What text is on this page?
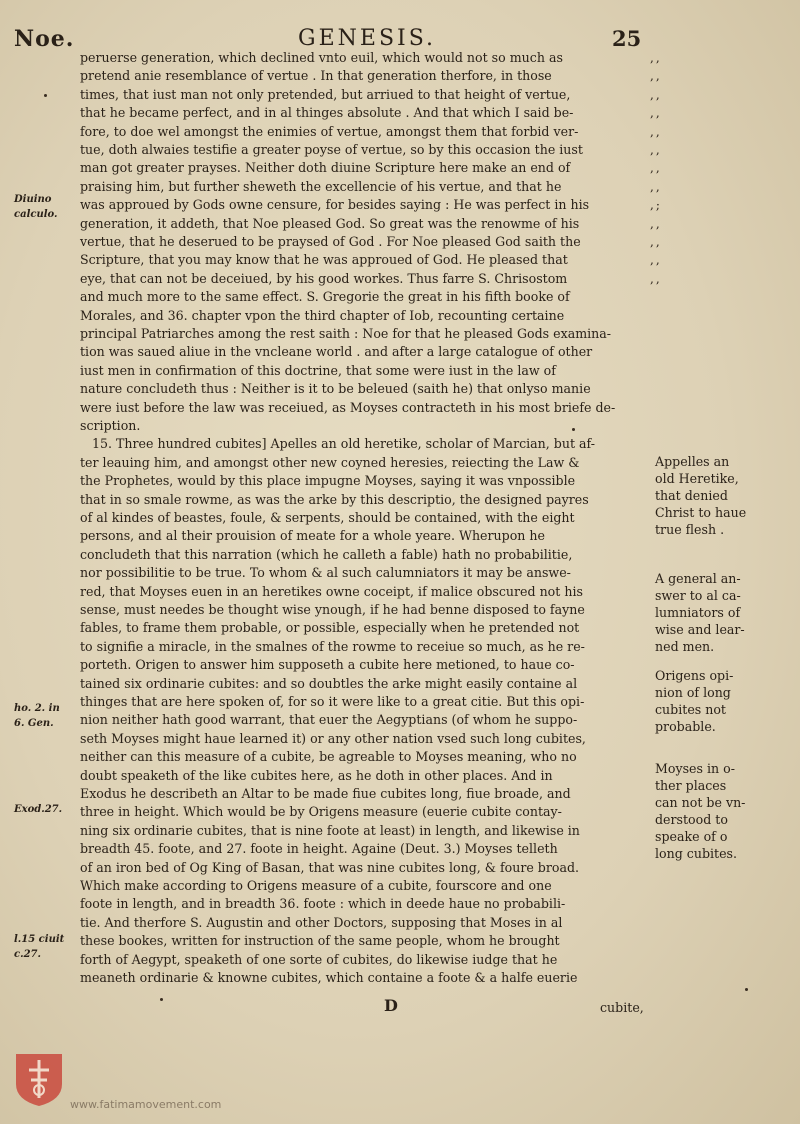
Noe.	GENESIS.	25
peruerse generation, which declined vnto euil, which would not so much as
pretend anie resemblance of vertue . In that generation therfore, in those
times, that iust man not only pretended, but arriued to that height of vertue,
that he became perfect, and in al thinges absolute . And that which I said be-
fore, to doe wel amongst the enimies of vertue, amongst them that forbid ver-
tue, doth alwaies testifie a greater poyse of vertue, so by this occasion the iust
man got greater prayses. Neither doth diuine Scripture here make an end of
praising him, but further sheweth the excellencie of his vertue, and that he
was approued by Gods owne censure, for besides saying : He was perfect in his
generation, it addeth, that Noe pleased God. So great was the renowme of his
vertue, that he deserued to be praysed of God . For Noe pleased God saith the
Scripture, that you may know that he was approued of God. He pleased that
eye, that can not be deceiued, by his good workes. Thus farre S. Chrisostom
and much more to the same effect. S. Gregorie the great in his fifth booke of
Morales, and 36. chapter vpon the third chapter of Iob, recounting certaine
principal Patriarches among the rest saith : Noe for that he pleased Gods examina-
tion was saued aliue in the vncleane world . and after a large catalogue of other
iust men in confirmation of this doctrine, that some were iust in the law of
nature concludeth thus : Neither is it to be beleued (saith he) that onlyso manie
were iust before the law was receiued, as Moyses contracteth in his most briefe de-
scription.
15. Three hundred cubites] Apelles an old heretike, scholar of Marcian, but af-
ter leauing him, and amongst other new coyned heresies, reiecting the Law &
the Prophetes, would by this place impugne Moyses, saying it was vnpossible
that in so smale rowme, as was the arke by this descriptio, the designed payres
of al kindes of beastes, foule, & serpents, should be contained, with the eight
persons, and al their prouision of meate for a whole yeare. Wherupon he
concludeth that this narration (which he calleth a fable) hath no probabilitie,
nor possibilitie to be true. To whom & al such calumniators it may be answe-
red, that Moyses euen in an heretikes owne coceipt, if malice obscured not his
sense, must needes be thought wise ynough, if he had benne disposed to fayne
fables, to frame them probable, or possible, especially when he pretended not
to signifie a miracle, in the smalnes of the rowme to receiue so much, as he re-
porteth. Origen to answer him supposeth a cubite here metioned, to haue co-
tained six ordinarie cubites: and so doubtles the arke might easily containe al
thinges that are here spoken of, for so it were like to a great citie. But this opi-
nion neither hath good warrant, that euer the Aegyptians (of whom he suppo-
seth Moyses might haue learned it) or any other nation vsed such long cubites,
neither can this measure of a cubite, be agreable to Moyses meaning, who no
doubt speaketh of the like cubites here, as he doth in other places. And in
Exodus he describeth an Altar to be made fiue cubites long, fiue broade, and
three in height. Which would be by Origens measure (euerie cubite contay-
ning six ordinarie cubites, that is nine foote at least) in length, and likewise in
breadth 45. foote, and 27. foote in height. Againe (Deut. 3.) Moyses telleth
of an iron bed of Og King of Basan, that was nine cubites long, & foure broad.
Which make according to Origens measure of a cubite, fourscore and one
foote in length, and in breadth 36. foote : which in deede haue no probabili-
tie. And therfore S. Augustin and other Doctors, supposing that Moses in al
these bookes, written for instruction of the same people, whom he brought
forth of Aegypt, speaketh of one sorte of cubites, do likewise iudge that he
meaneth ordinarie & knowne cubites, which containe a foote & a halfe euerie
,,
,,
,,
,,
,,
,,
,,
,,
,;
,,
,,
,,
,,
Diuino
calculo.
ho. 2. in
6. Gen.
Exod.27.
l.15 ciuit
c.27.
Appelles an
old Heretike,
that denied
Christ to haue
true flesh .
A general an-
swer to al ca-
lumniators of
wise and lear-
ned men.
Origens opi-
nion of long
cubites not
probable.
Moyses in o-
ther places
can not be vn-
derstood to
speake of o
long cubites.
D	cubite,
www.fatimamovement.com
